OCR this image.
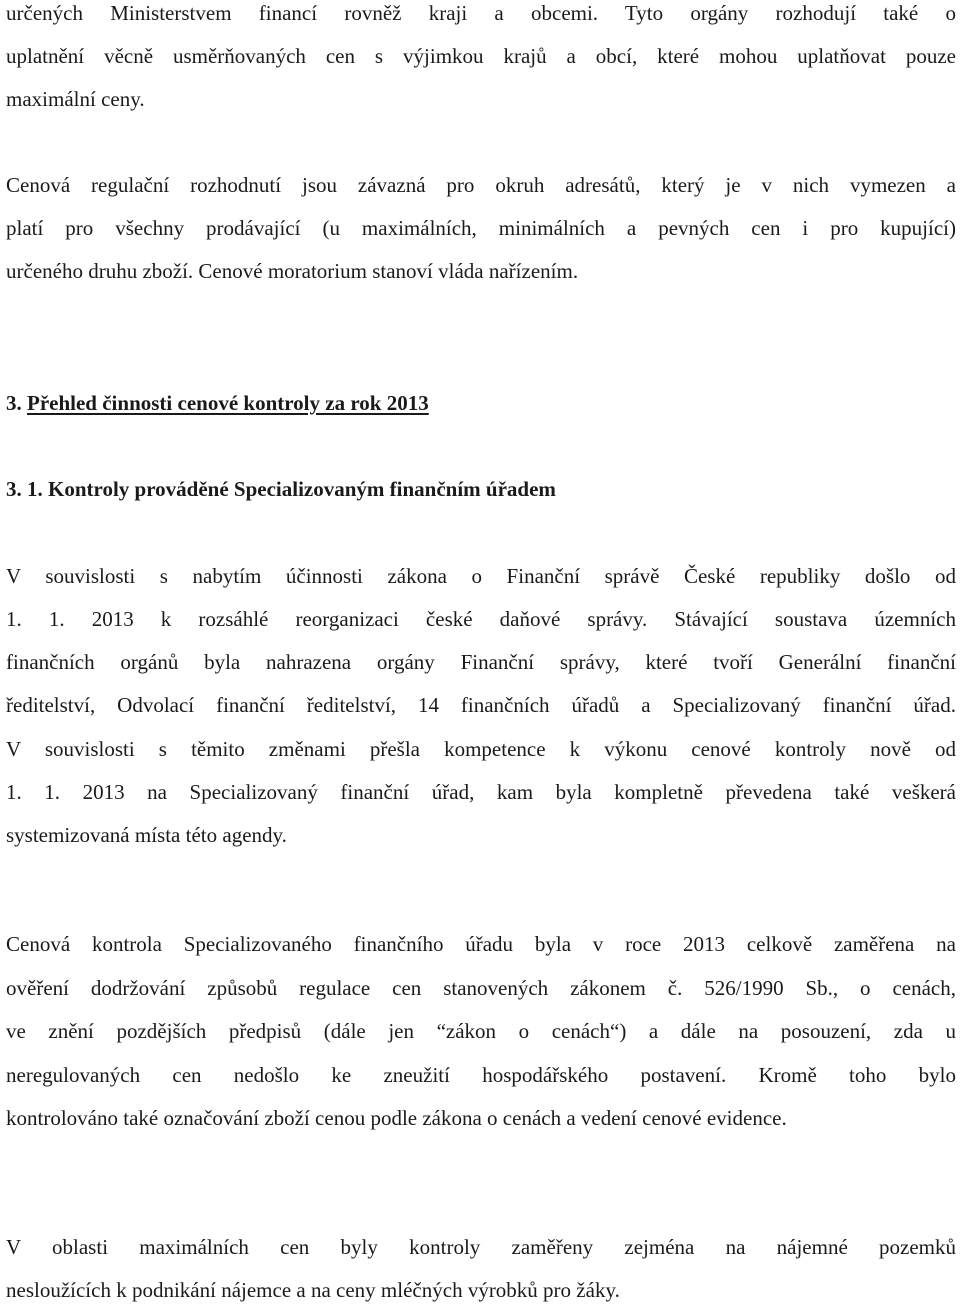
určených Ministerstvem financí rovněž kraji a obcemi. Tyto orgány rozhodují také o
uplatnění věcně usměrňovaných cen s výjimkou krajů a obcí, které mohou uplatňovat pouze
maximální ceny.
Cenová regulační rozhodnutí jsou závazná pro okruh adresátů, který je v nich vymezen a
platí pro všechny prodávající (u maximálních, minimálních a pevných cen i pro kupující)
určeného druhu zboží. Cenové moratorium stanoví vláda nařízením.
3. Přehled činnosti cenové kontroly za rok 2013
3. 1. Kontroly prováděné Specializovaným finančním úřadem
V souvislosti s nabytím účinnosti zákona o Finanční správě České republiky došlo od
1. 1. 2013 k rozsáhlé reorganizaci české daňové správy. Stávající soustava územních
finančních orgánů byla nahrazena orgány Finanční správy, které tvoří Generální finanční
ředitelství, Odvolací finanční ředitelství, 14 finančních úřadů a Specializovaný finanční úřad.
V souvislosti s těmito změnami přešla kompetence k výkonu cenové kontroly nově od
1. 1. 2013 na Specializovaný finanční úřad, kam byla kompletně převedena také veškerá
systemizovaná místa této agendy.
Cenová kontrola Specializovaného finančního úřadu byla v roce 2013 celkově zaměřena na
ověření dodržování způsobů regulace cen stanovených zákonem č. 526/1990 Sb., o cenách,
ve znění pozdějších předpisů (dále jen “zákon o cenách“) a dále na posouzení, zda u
neregulovaných cen nedošlo ke zneužití hospodářského postavení. Kromě toho bylo
kontrolováno také označování zboží cenou podle zákona o cenách a vedení cenové evidence.
V oblasti maximálních cen byly kontroly zaměřeny zejména na nájemné pozemků
nesloužících k podnikání nájemce a na ceny mléčných výrobků pro žáky.
